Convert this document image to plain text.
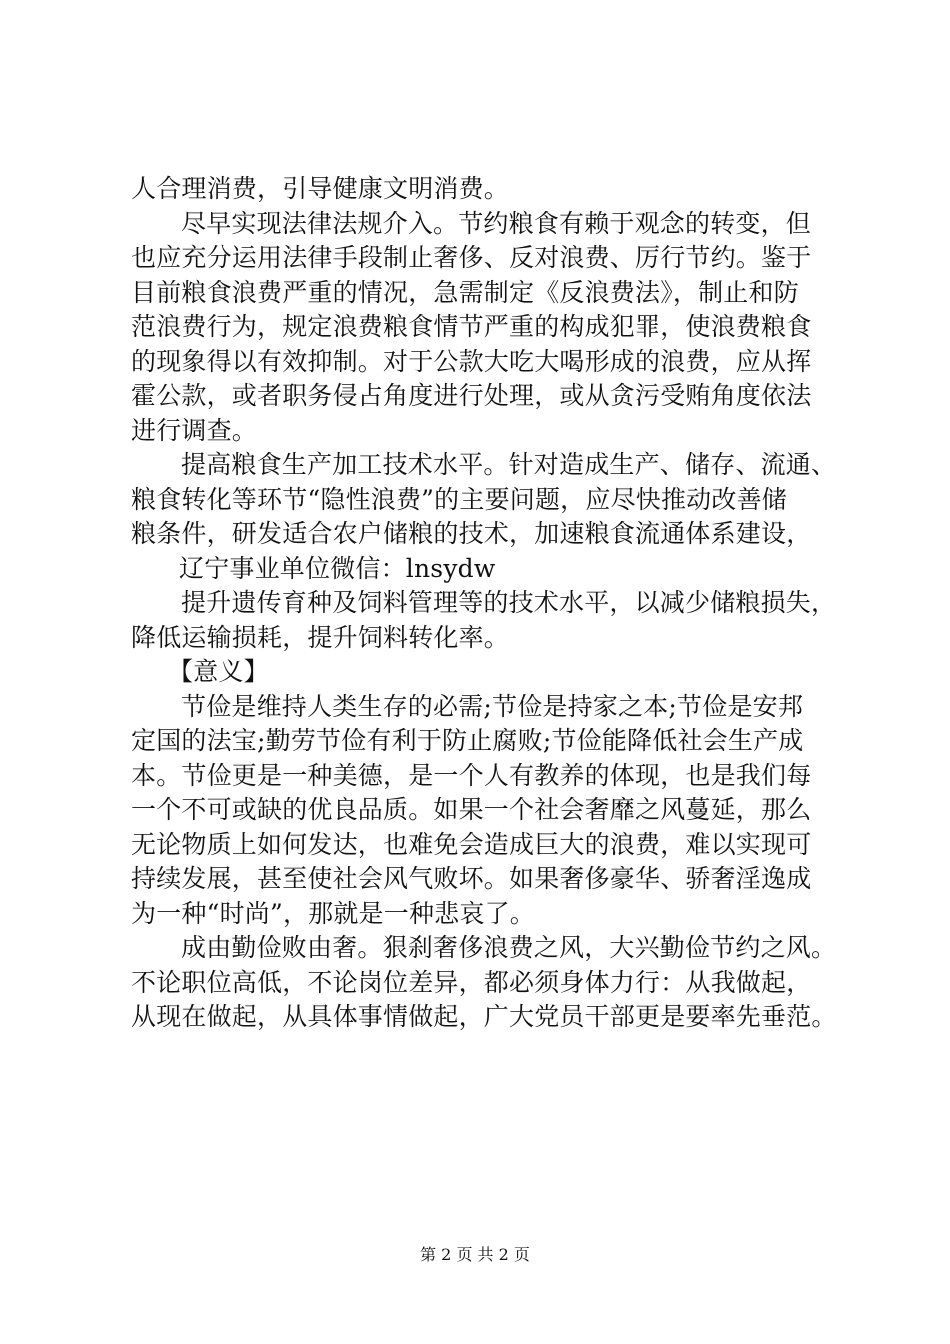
人合理消费，引导健康文明消费。
尽早实现法律法规介入。节约粮食有赖于观念的转变，但
也应充分运用法律手段制止奢侈、反对浪费、厉行节约。鉴于
目前粮食浪费严重的情况，急需制定《反浪费法》，制止和防
范浪费行为，规定浪费粮食情节严重的构成犯罪，使浪费粮食
的现象得以有效抑制。对于公款大吃大喝形成的浪费，应从挥
霍公款，或者职务侵占角度进行处理，或从贪污受贿角度依法
进行调查。
提高粮食生产加工技术水平。针对造成生产、储存、流通、
粮食转化等环节“隐性浪费”的主要问题，应尽快推动改善储
粮条件，研发适合农户储粮的技术，加速粮食流通体系建设，
辽宁事业单位微信：lnsydw
提升遗传育种及饲料管理等的技术水平，以减少储粮损失，
降低运输损耗，提升饲料转化率。
【意义】
节俭是维持人类生存的必需;节俭是持家之本;节俭是安邦
定国的法宝;勤劳节俭有利于防止腐败;节俭能降低社会生产成
本。节俭更是一种美德，是一个人有教养的体现，也是我们每
一个不可或缺的优良品质。如果一个社会奢靡之风蔓延，那么
无论物质上如何发达，也难免会造成巨大的浪费，难以实现可
持续发展，甚至使社会风气败坏。如果奢侈豪华、骄奢淫逸成
为一种“时尚”，那就是一种悲哀了。
成由勤俭败由奢。狠刹奢侈浪费之风，大兴勤俭节约之风。
不论职位高低，不论岗位差异，都必须身体力行：从我做起，
从现在做起，从具体事情做起，广大党员干部更是要率先垂范。
第 2 页 共 2 页
